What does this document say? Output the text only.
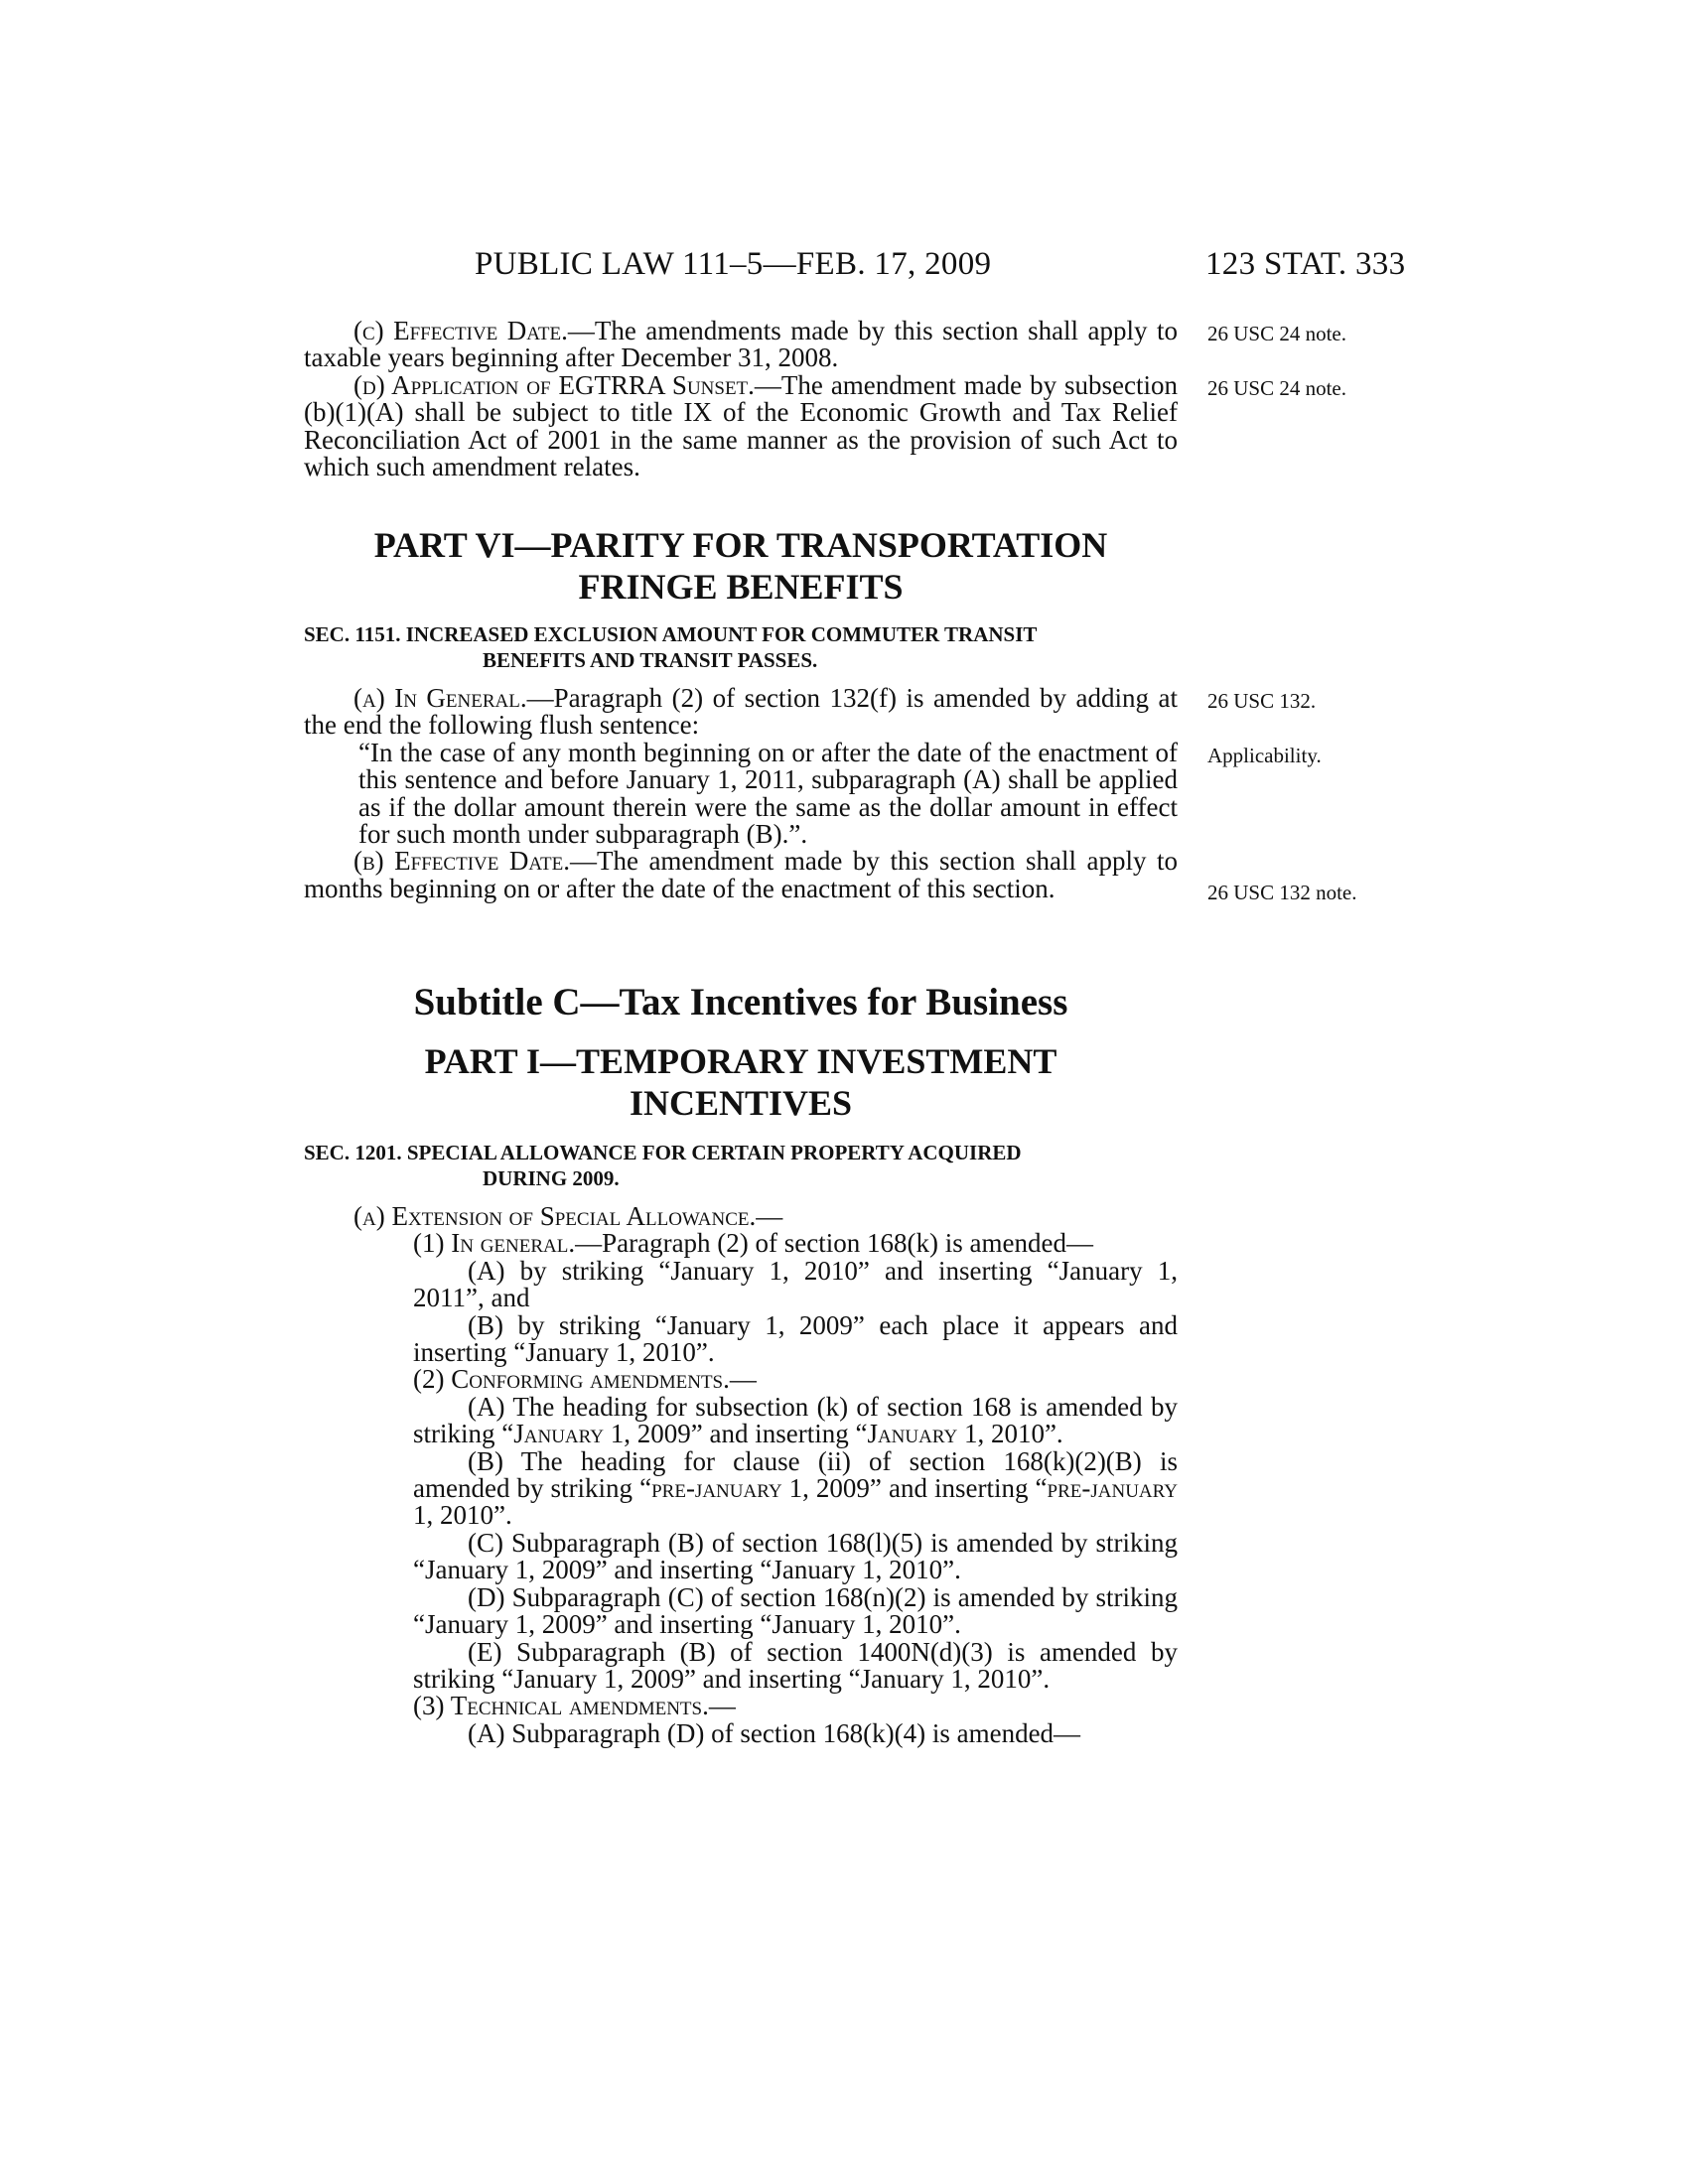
PUBLIC LAW 111–5—FEB. 17, 2009	123 STAT. 333
26 USC 24 note.
26 USC 24 note.
26 USC 132.
Applicability.
26 USC 132 note.

(c) Effective Date.—The amendments made by this section shall apply to taxable years beginning after December 31, 2008.

(d) Application of EGTRRA Sunset.—The amendment made by subsection (b)(1)(A) shall be subject to title IX of the Economic Growth and Tax Relief Reconciliation Act of 2001 in the same manner as the provision of such Act to which such amendment relates.

PART VI—PARITY FOR TRANSPORTATION
FRINGE BENEFITS
SEC. 1151. INCREASED EXCLUSION AMOUNT FOR COMMUTER TRANSIT
BENEFITS AND TRANSIT PASSES.

(a) In General.—Paragraph (2) of section 132(f) is amended by adding at the end the following flush sentence:

“In the case of any month beginning on or after the date of the enactment of this sentence and before January 1, 2011, subparagraph (A) shall be applied as if the dollar amount therein were the same as the dollar amount in effect for such month under subparagraph (B).”.

(b) Effective Date.—The amendment made by this section shall apply to months beginning on or after the date of the enactment of this section.

Subtitle C—Tax Incentives for Business
PART I—TEMPORARY INVESTMENT
INCENTIVES
SEC. 1201. SPECIAL ALLOWANCE FOR CERTAIN PROPERTY ACQUIRED
DURING 2009.

(a) Extension of Special Allowance.—

(1) In general.—Paragraph (2) of section 168(k) is amended—

(A) by striking “January 1, 2010” and inserting “January 1, 2011”, and

(B) by striking “January 1, 2009” each place it appears and inserting “January 1, 2010”.

(2) Conforming amendments.—

(A) The heading for subsection (k) of section 168 is amended by striking “January 1, 2009” and inserting “January 1, 2010”.

(B) The heading for clause (ii) of section 168(k)(2)(B) is amended by striking “pre-january 1, 2009” and inserting “pre-january 1, 2010”.

(C) Subparagraph (B) of section 168(l)(5) is amended by striking “January 1, 2009” and inserting “January 1, 2010”.

(D) Subparagraph (C) of section 168(n)(2) is amended by striking “January 1, 2009” and inserting “January 1, 2010”.

(E) Subparagraph (B) of section 1400N(d)(3) is amended by striking “January 1, 2009” and inserting “January 1, 2010”.

(3) Technical amendments.—

(A) Subparagraph (D) of section 168(k)(4) is amended—
